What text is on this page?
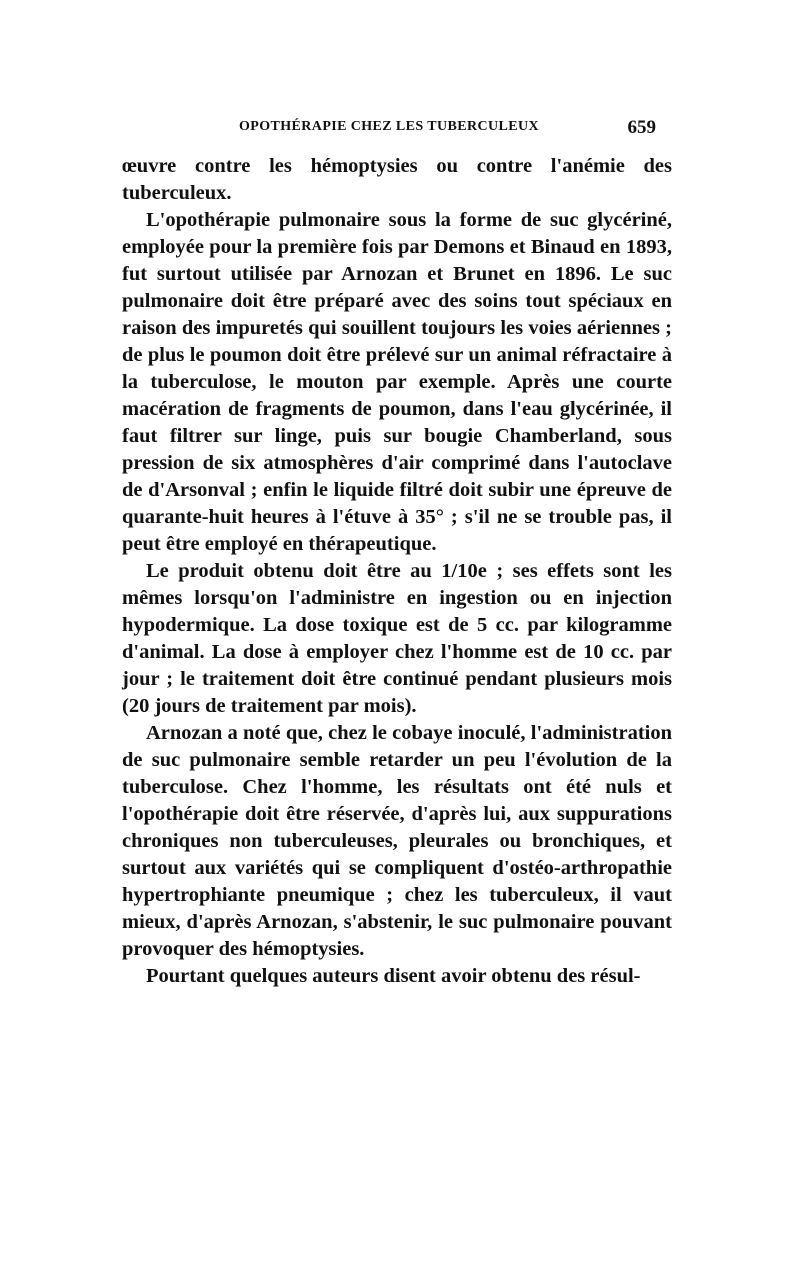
OPOTHÉRAPIE CHEZ LES TUBERCULEUX	659

œuvre contre les hémoptysies ou contre l'anémie des tuberculeux.

L'opothérapie pulmonaire sous la forme de suc glycériné, employée pour la première fois par Demons et Binaud en 1893, fut surtout utilisée par Arnozan et Brunet en 1896. Le suc pulmonaire doit être préparé avec des soins tout spéciaux en raison des impuretés qui souillent toujours les voies aériennes ; de plus le poumon doit être prélevé sur un animal réfractaire à la tuberculose, le mouton par exemple. Après une courte macération de fragments de poumon, dans l'eau glycérinée, il faut filtrer sur linge, puis sur bougie Chamberland, sous pression de six atmosphères d'air comprimé dans l'autoclave de d'Arsonval ; enfin le liquide filtré doit subir une épreuve de quarante-huit heures à l'étuve à 35° ; s'il ne se trouble pas, il peut être employé en thérapeutique.

Le produit obtenu doit être au 1/10e ; ses effets sont les mêmes lorsqu'on l'administre en ingestion ou en injection hypodermique. La dose toxique est de 5 cc. par kilogramme d'animal. La dose à employer chez l'homme est de 10 cc. par jour ; le traitement doit être continué pendant plusieurs mois (20 jours de traitement par mois).

Arnozan a noté que, chez le cobaye inoculé, l'administration de suc pulmonaire semble retarder un peu l'évolution de la tuberculose. Chez l'homme, les résultats ont été nuls et l'opothérapie doit être réservée, d'après lui, aux suppurations chroniques non tuberculeuses, pleurales ou bronchiques, et surtout aux variétés qui se compliquent d'ostéo-arthropathie hypertrophiante pneumique ; chez les tuberculeux, il vaut mieux, d'après Arnozan, s'abstenir, le suc pulmonaire pouvant provoquer des hémoptysies.

Pourtant quelques auteurs disent avoir obtenu des résul-
